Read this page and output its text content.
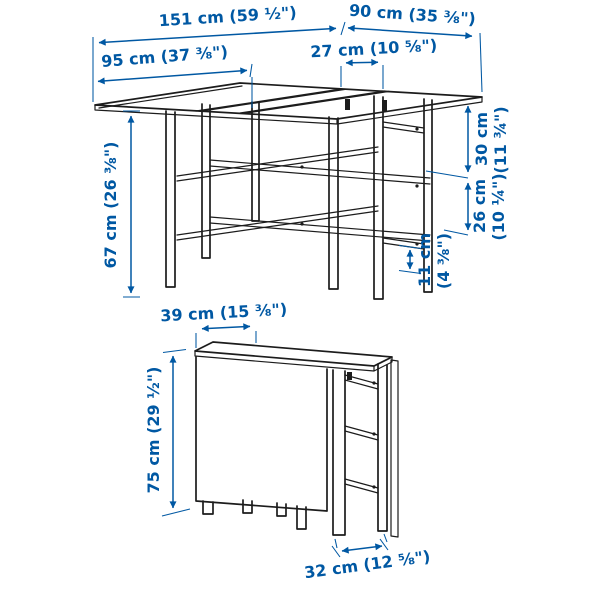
151 cm (59 ½")
95 cm (37 ⅜")
90 cm (35 ⅜")
27 cm (10 ⅝")
67 cm (26 ⅜")
30 cm (11 ¾")
26 cm (10 ¼")
11 cm (4 ⅜")
39 cm (15 ⅜")
75 cm (29 ½")
32 cm (12 ⅝")
